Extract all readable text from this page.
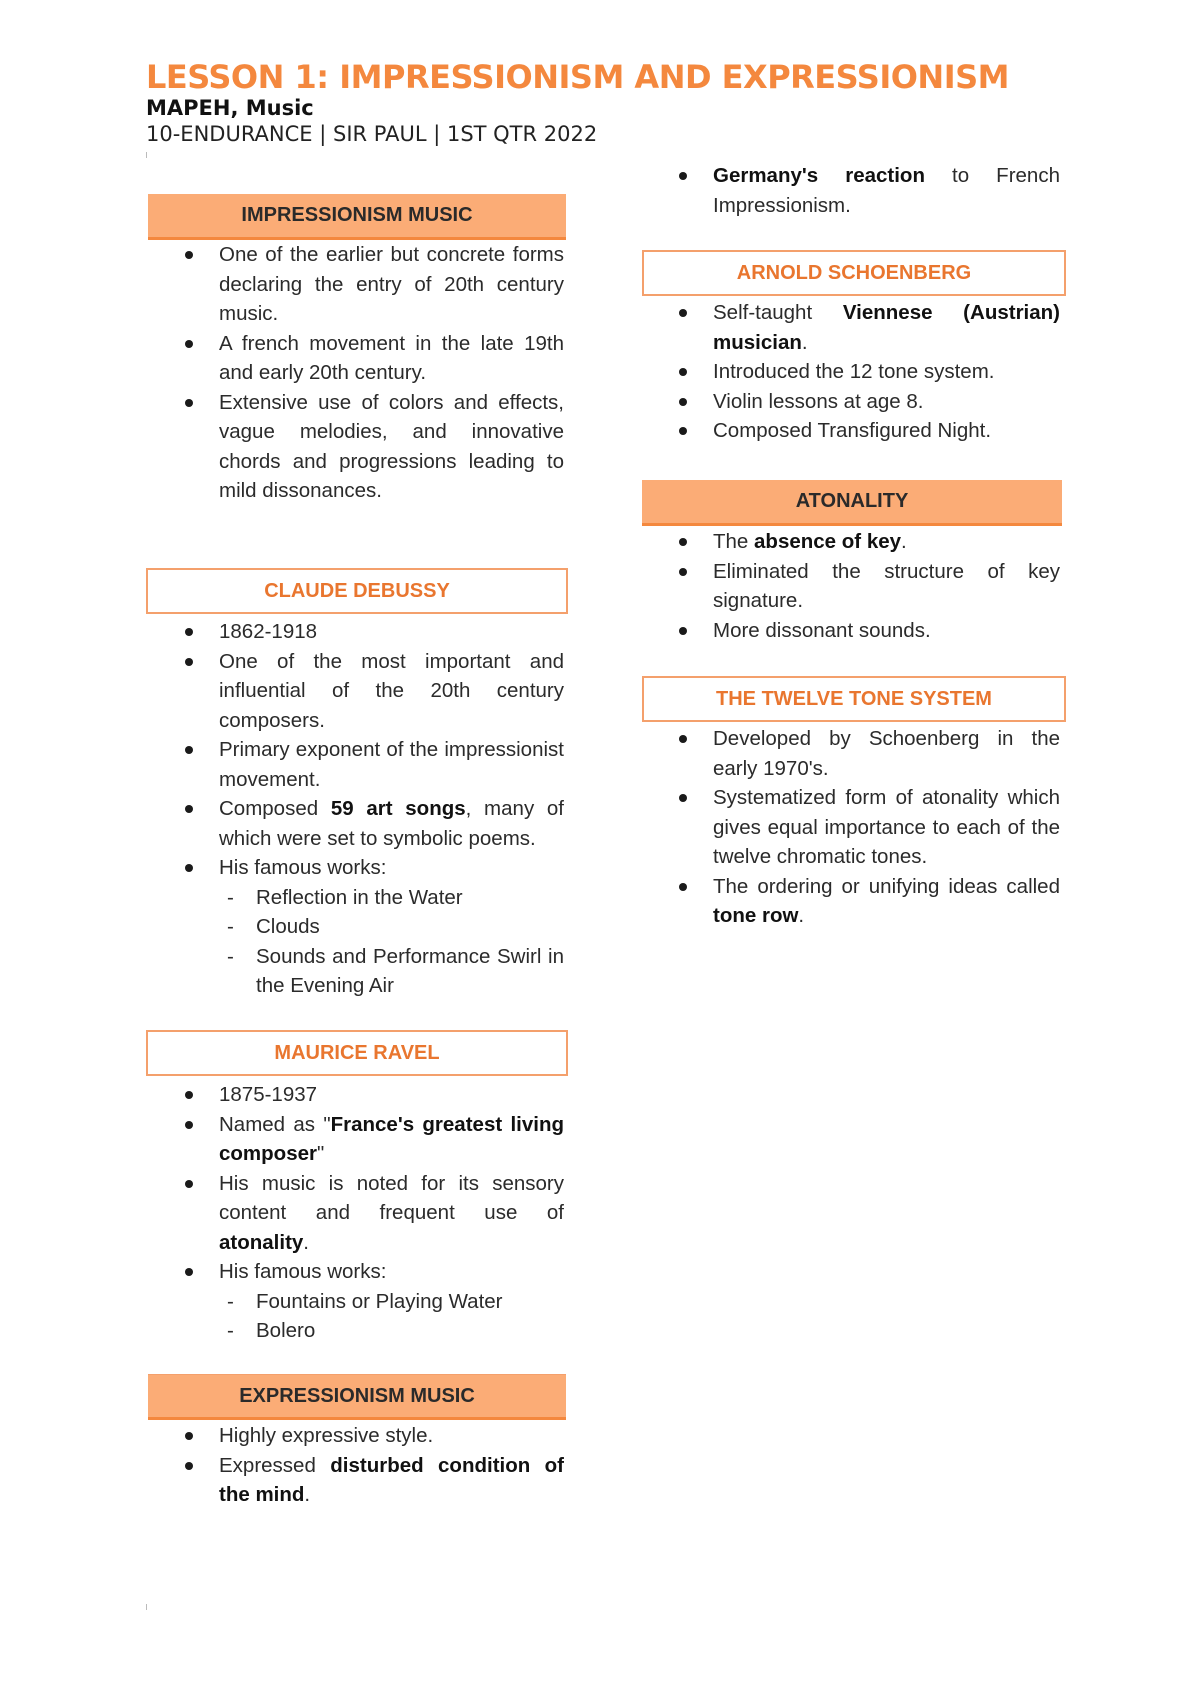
LESSON 1: IMPRESSIONISM AND EXPRESSIONISM
MAPEH, Music
10-ENDURANCE | SIR PAUL | 1ST QTR 2022
IMPRESSIONISM MUSIC
One of the earlier but concrete forms declaring the entry of 20th century music.
A french movement in the late 19th and early 20th century.
Extensive use of colors and effects, vague melodies, and innovative chords and progressions leading to mild dissonances.
CLAUDE DEBUSSY
1862-1918
One of the most important and influential of the 20th century composers.
Primary exponent of the impressionist movement.
Composed 59 art songs, many of which were set to symbolic poems.
His famous works:
- Reflection in the Water
- Clouds
- Sounds and Performance Swirl in the Evening Air
MAURICE RAVEL
1875-1937
Named as "France's greatest living composer"
His music is noted for its sensory content and frequent use of atonality.
His famous works:
- Fountains or Playing Water
- Bolero
EXPRESSIONISM MUSIC
Highly expressive style.
Expressed disturbed condition of the mind.
Germany's reaction to French Impressionism.
ARNOLD SCHOENBERG
Self-taught Viennese (Austrian) musician.
Introduced the 12 tone system.
Violin lessons at age 8.
Composed Transfigured Night.
ATONALITY
The absence of key.
Eliminated the structure of key signature.
More dissonant sounds.
THE TWELVE TONE SYSTEM
Developed by Schoenberg in the early 1970's.
Systematized form of atonality which gives equal importance to each of the twelve chromatic tones.
The ordering or unifying ideas called tone row.
